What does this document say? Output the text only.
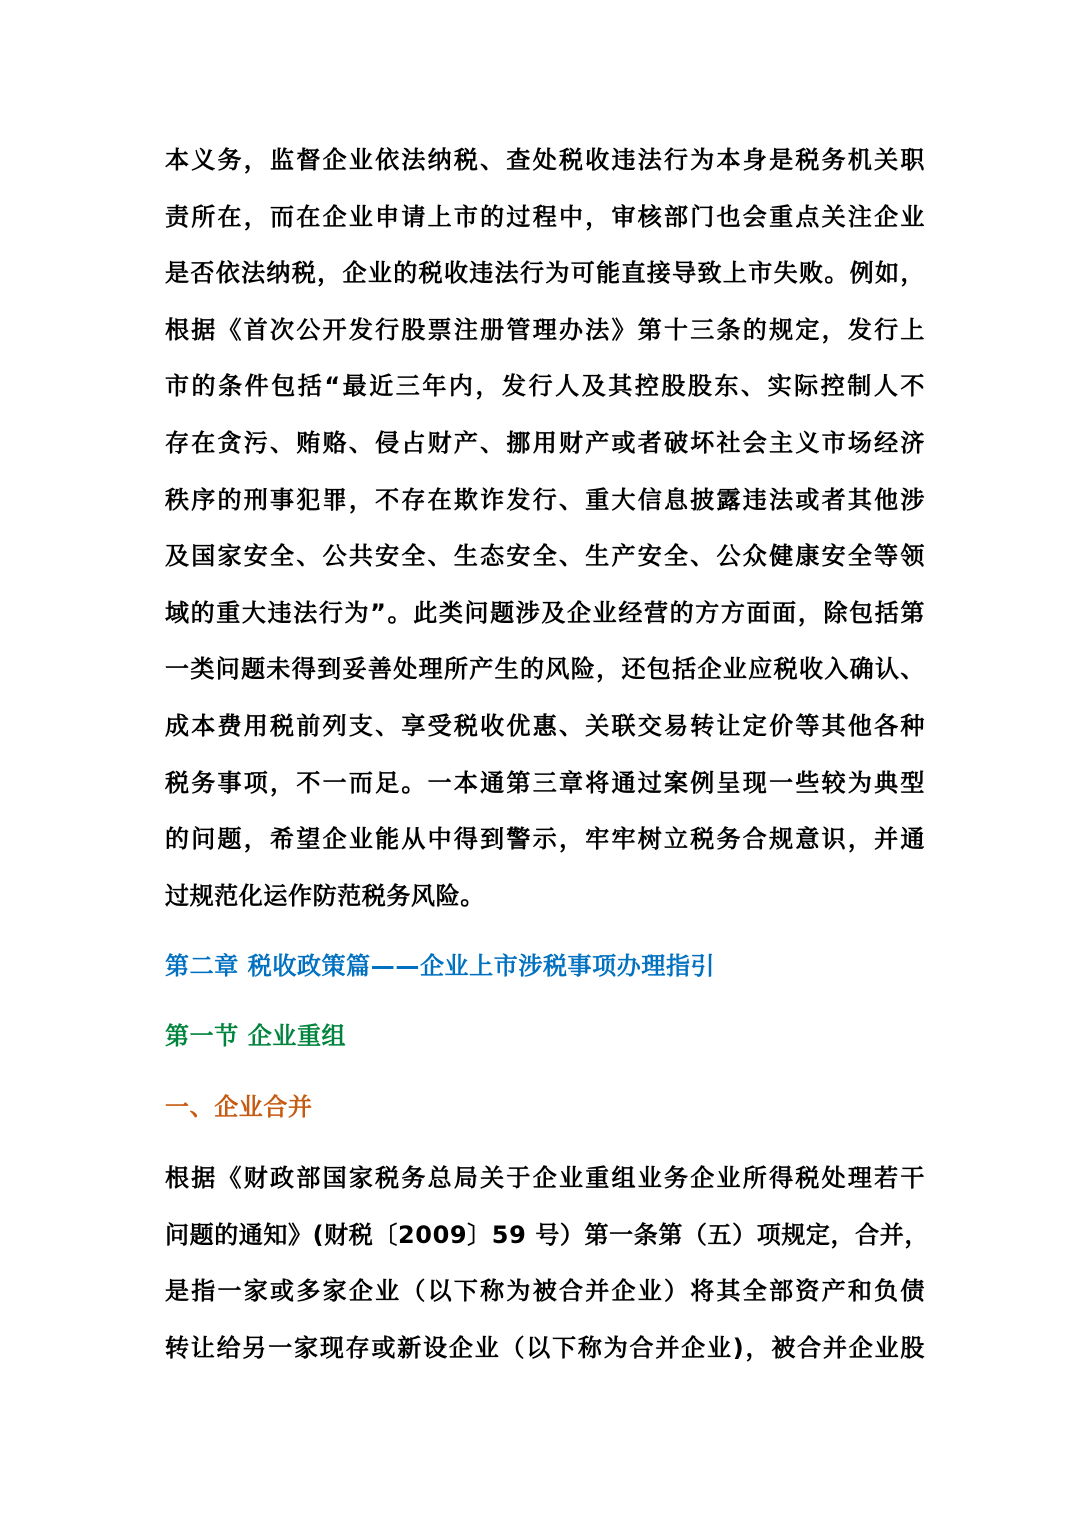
本义务，监督企业依法纳税、查处税收违法行为本身是税务机关职
责所在，而在企业申请上市的过程中，审核部门也会重点关注企业
是否依法纳税，企业的税收违法行为可能直接导致上市失败。例如，
根据《首次公开发行股票注册管理办法》第十三条的规定，发行上
市的条件包括“最近三年内，发行人及其控股股东、实际控制人不
存在贪污、贿赂、侵占财产、挪用财产或者破坏社会主义市场经济
秩序的刑事犯罪，不存在欺诈发行、重大信息披露违法或者其他涉
及国家安全、公共安全、生态安全、生产安全、公众健康安全等领
域的重大违法行为”。此类问题涉及企业经营的方方面面，除包括第
一类问题未得到妥善处理所产生的风险，还包括企业应税收入确认、
成本费用税前列支、享受税收优惠、关联交易转让定价等其他各种
税务事项，不一而足。一本通第三章将通过案例呈现一些较为典型
的问题，希望企业能从中得到警示，牢牢树立税务合规意识，并通
过规范化运作防范税务风险。
第二章 税收政策篇——企业上市涉税事项办理指引
第一节 企业重组
一、企业合并
根据《财政部国家税务总局关于企业重组业务企业所得税处理若干
问题的通知》(财税〔2009〕59 号）第一条第（五）项规定，合并，
是指一家或多家企业（以下称为被合并企业）将其全部资产和负债
转让给另一家现存或新设企业（以下称为合并企业)，被合并企业股
